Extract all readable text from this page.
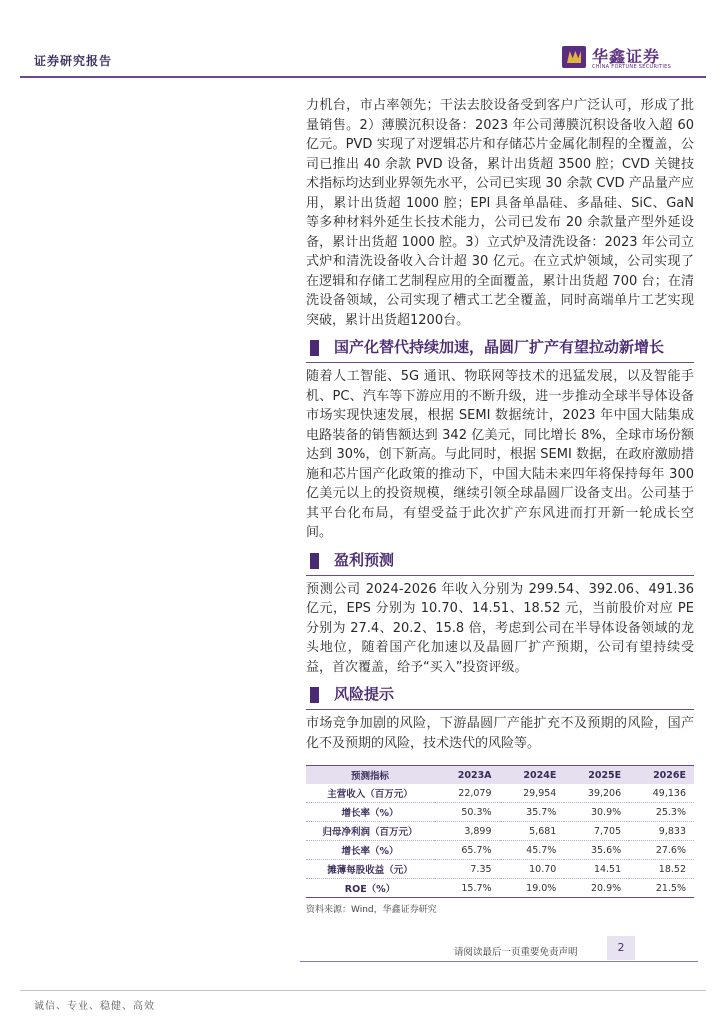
证券研究报告	华鑫证券
CHINA FORTUNE SECURITIES

力机台，市占率领先；干法去胶设备受到客户广泛认可，形成了批量销售。2）薄膜沉积设备：2023 年公司薄膜沉积设备收入超 60 亿元。PVD 实现了对逻辑芯片和存储芯片金属化制程的全覆盖，公司已推出 40 余款 PVD 设备，累计出货超 3500 腔；CVD 关键技术指标均达到业界领先水平，公司已实现 30 余款 CVD 产品量产应用，累计出货超 1000 腔；EPI 具备单晶硅、多晶硅、SiC、GaN 等多种材料外延生长技术能力，公司已发布 20 余款量产型外延设备，累计出货超 1000 腔。3）立式炉及清洗设备：2023 年公司立式炉和清洗设备收入合计超 30 亿元。在立式炉领域，公司实现了在逻辑和存储工艺制程应用的全面覆盖，累计出货超 700 台；在清洗设备领域，公司实现了槽式工艺全覆盖，同时高端单片工艺实现突破，累计出货超1200台。

国产化替代持续加速，晶圆厂扩产有望拉动新增长

随着人工智能、5G 通讯、物联网等技术的迅猛发展，以及智能手机、PC、汽车等下游应用的不断升级，进一步推动全球半导体设备市场实现快速发展，根据 SEMI 数据统计，2023 年中国大陆集成电路装备的销售额达到 342 亿美元，同比增长 8%，全球市场份额达到 30%，创下新高。与此同时，根据 SEMI 数据，在政府激励措施和芯片国产化政策的推动下，中国大陆未来四年将保持每年 300 亿美元以上的投资规模，继续引领全球晶圆厂设备支出。公司基于其平台化布局，有望受益于此次扩产东风进而打开新一轮成长空间。

盈利预测

预测公司 2024-2026 年收入分别为 299.54、392.06、491.36 亿元，EPS 分别为 10.70、14.51、18.52 元，当前股价对应 PE 分别为 27.4、20.2、15.8 倍，考虑到公司在半导体设备领域的龙头地位，随着国产化加速以及晶圆厂扩产预期，公司有望持续受益，首次覆盖，给予“买入”投资评级。

风险提示

市场竞争加剧的风险，下游晶圆厂产能扩充不及预期的风险，国产化不及预期的风险，技术迭代的风险等。

预测指标	2023A	2024E	2025E	2026E
主营收入（百万元）	22,079	29,954	39,206	49,136
增长率（%）	50.3%	35.7%	30.9%	25.3%
归母净利润（百万元）	3,899	5,681	7,705	9,833
增长率（%）	65.7%	45.7%	35.6%	27.6%
摊薄每股收益（元）	7.35	10.70	14.51	18.52
ROE（%）	15.7%	19.0%	20.9%	21.5%
资料来源：Wind，华鑫证券研究
请阅读最后一页重要免责声明	2
诚信、专业、稳健、高效
